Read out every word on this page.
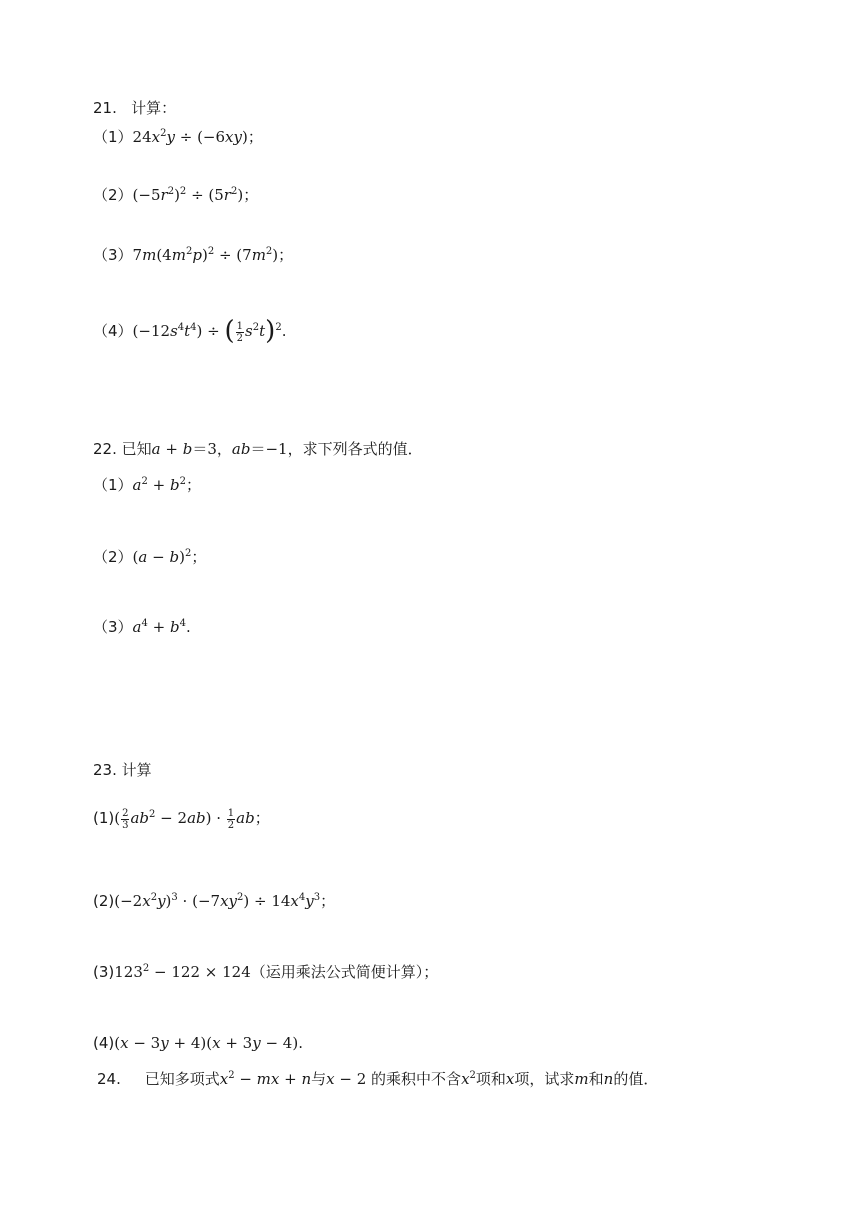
21. 计算：
$(1)24x^2y \div (-6xy)$；
$(2)(-5r^2)^2 \div (5r^2)$；
$(3)7m(4m^2p)^2 \div (7m^2)$；
$(4)(-12s^4t^4)$ ÷ ( $\frac{1}{2} s^2t)^2$.
22. 已知a + b＝3，ab＝−1，求下列各式的值．
$(1)a^2 + b^2$；
$(2)(a - b)^2$；
$(3)a^4 + b^4$.
23. 计算
$(1)( \frac{2}{3} ab^2 - 2ab) \cdot \frac{1}{2}$ ab；
$(2)(-2x^2y)^3 \cdot (-7xy^2) \div 14x^4y^3$；
$(3)123^2 - 122 \times 124$（运用乘法公式简便计算）；
(4)(x − 3y + 4)(x + 3y − 4).
24. 已知多项式$x^2$ − mx + n与x − 2 的乘积中不含$x^2$项和x项，试求m和n的值．
